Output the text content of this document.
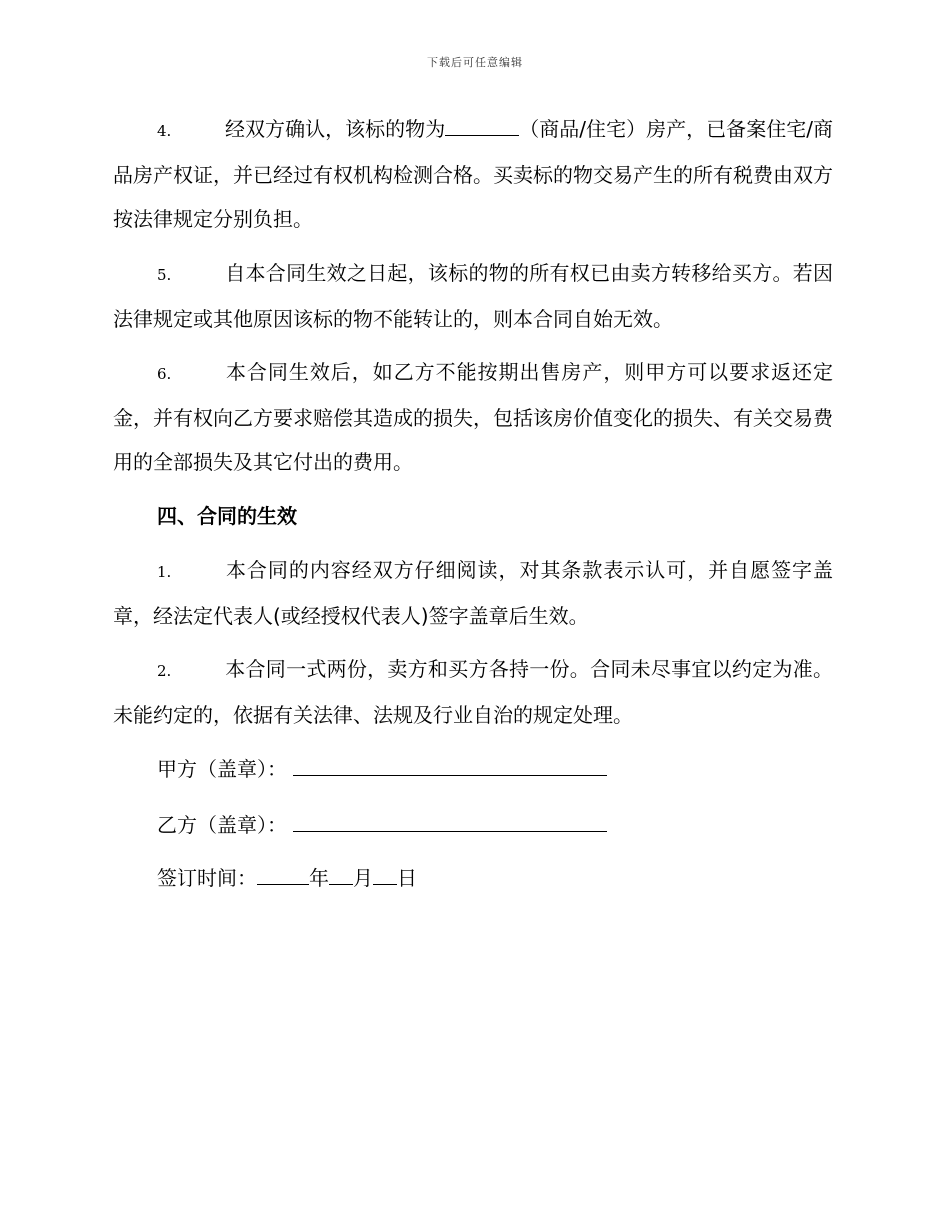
下载后可任意编辑
4.	经双方确认，该标的物为	（商品/住宅）房产，已备案住宅/商品房产权证，并已经过有权机构检测合格。买卖标的物交易产生的所有税费由双方按法律规定分别负担。
5.	自本合同生效之日起，该标的物的所有权已由卖方转移给买方。若因法律规定或其他原因该标的物不能转让的，则本合同自始无效。
6.	本合同生效后，如乙方不能按期出售房产，则甲方可以要求返还定金，并有权向乙方要求赔偿其造成的损失，包括该房价值变化的损失、有关交易费用的全部损失及其它付出的费用。
四、合同的生效
1.	本合同的内容经双方仔细阅读，对其条款表示认可，并自愿签字盖章，经法定代表人(或经授权代表人)签字盖章后生效。
2.	本合同一式两份，卖方和买方各持一份。合同未尽事宜以约定为准。未能约定的，依据有关法律、法规及行业自治的规定处理。
甲方（盖章）：
乙方（盖章）：
签订时间：	年 月 日
